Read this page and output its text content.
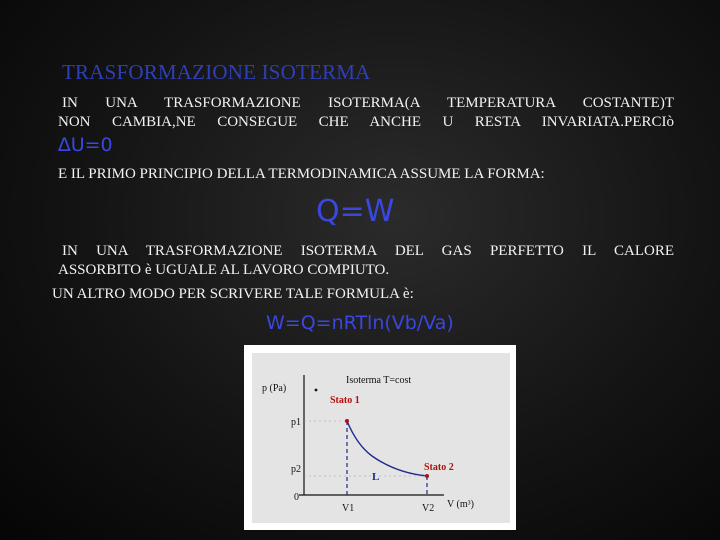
TRASFORMAZIONE ISOTERMA
IN UNA TRASFORMAZIONE ISOTERMA(A TEMPERATURA COSTANTE)T
NON CAMBIA,NE CONSEGUE CHE ANCHE U RESTA INVARIATA.PERCIò
∆U=0
E IL PRIMO PRINCIPIO DELLA TERMODINAMICA ASSUME LA FORMA:
Q=W
IN UNA TRASFORMAZIONE ISOTERMA DEL GAS PERFETTO IL CALORE
ASSORBITO è UGUALE AL LAVORO COMPIUTO.
UN ALTRO MODO PER SCRIVERE TALE FORMULA è:
W=Q=nRTln(Vb/Va)
p (Pa)
Isoterma T=cost
Stato 1
Stato 2
p1
p2
0
L
V1	V2 V (m³)
